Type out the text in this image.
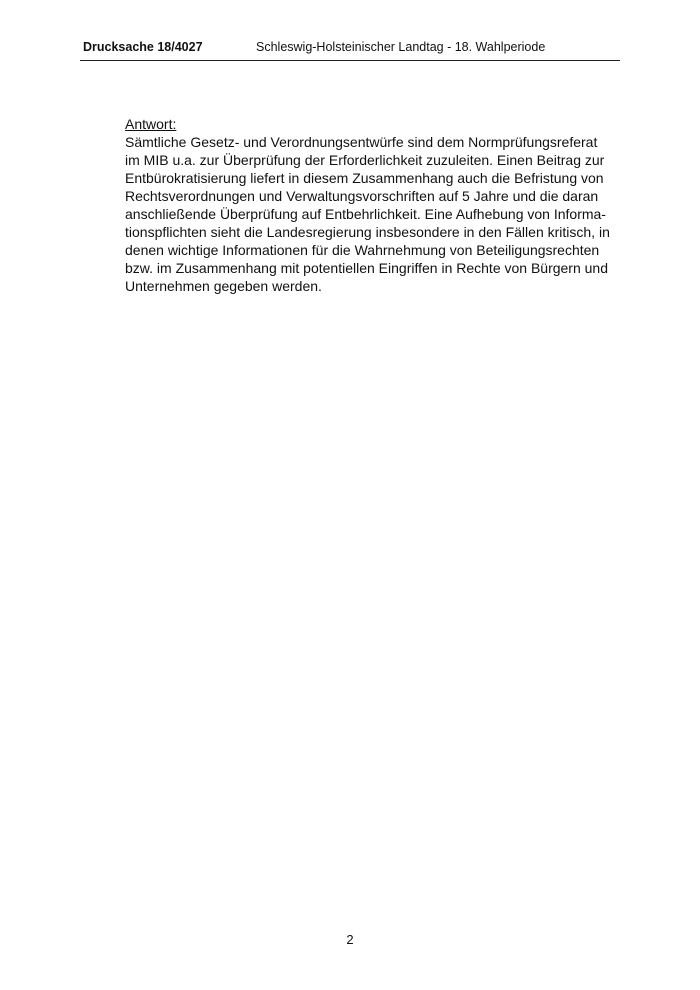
Drucksache 18/4027	Schleswig-Holsteinischer Landtag - 18. Wahlperiode
Antwort:
Sämtliche Gesetz- und Verordnungsentwürfe sind dem Normprüfungsreferat
im MIB u.a. zur Überprüfung der Erforderlichkeit zuzuleiten. Einen Beitrag zur
Entbürokratisierung liefert in diesem Zusammenhang auch die Befristung von
Rechtsverordnungen und Verwaltungsvorschriften auf 5 Jahre und die daran
anschließende Überprüfung auf Entbehrlichkeit. Eine Aufhebung von Informa-
tionspflichten sieht die Landesregierung insbesondere in den Fällen kritisch, in
denen wichtige Informationen für die Wahrnehmung von Beteiligungsrechten
bzw. im Zusammenhang mit potentiellen Eingriffen in Rechte von Bürgern und
Unternehmen gegeben werden.
2
